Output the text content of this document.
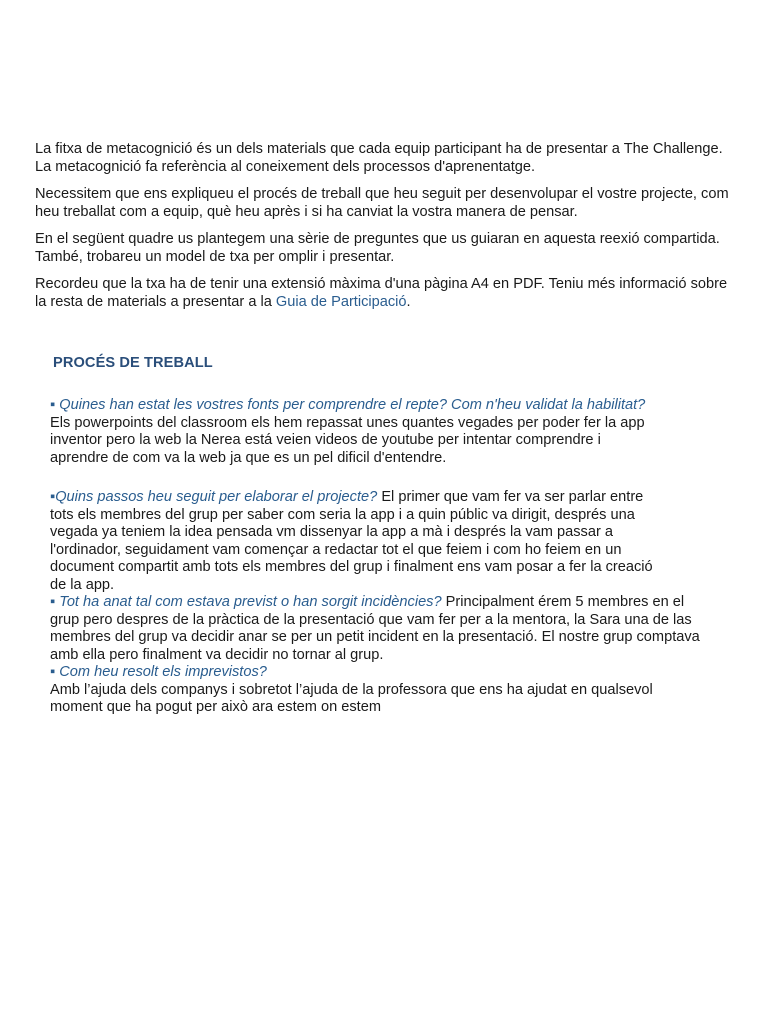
La fitxa de metacognició és un dels materials que cada equip participant ha de presentar a The Challenge. La metacognició fa referència al coneixement dels processos d'aprenentatge.

Necessitem que ens expliqueu el procés de treball que heu seguit per desenvolupar el vostre projecte, com heu treballat com a equip, què heu après i si ha canviat la vostra manera de pensar.

En el següent quadre us plantegem una sèrie de preguntes que us guiaran en aquesta reexió compartida. També, trobareu un model de txa per omplir i presentar.

Recordeu que la txa ha de tenir una extensió màxima d'una pàgina A4 en PDF. Teniu més informació sobre la resta de materials a presentar a la Guia de Participació.

PROCÉS DE TREBALL
▪ Quines han estat les vostres fonts per comprendre el repte? Com n'heu validat la habilitat?
Els powerpoints del classroom els hem repassat unes quantes vegades per poder fer la app
inventor pero la web la Nerea está veien videos de youtube per intentar comprendre i
aprendre de com va la web ja que es un pel dificil d'entendre.
▪Quins passos heu seguit per elaborar el projecte? El primer que vam fer va ser parlar entre
tots els membres del grup per saber com seria la app i a quin públic va dirigit, després una
vegada ya teniem la idea pensada vm dissenyar la app a mà i després la vam passar a
l'ordinador, seguidament vam començar a redactar tot el que feiem i com ho feiem en un
document compartit amb tots els membres del grup i finalment ens vam posar a fer la creació
de la app.
▪ Tot ha anat tal com estava previst o han sorgit incidències? Principalment érem 5 membres en el
grup pero despres de la pràctica de la presentació que vam fer per a la mentora, la Sara una de las
membres del grup va decidir anar se per un petit incident en la presentació. El nostre grup comptava
amb ella pero finalment va decidir no tornar al grup.
▪ Com heu resolt els imprevistos?
Amb l’ajuda dels companys i sobretot l’ajuda de la professora que ens ha ajudat en qualsevol
moment que ha pogut per això ara estem on estem
